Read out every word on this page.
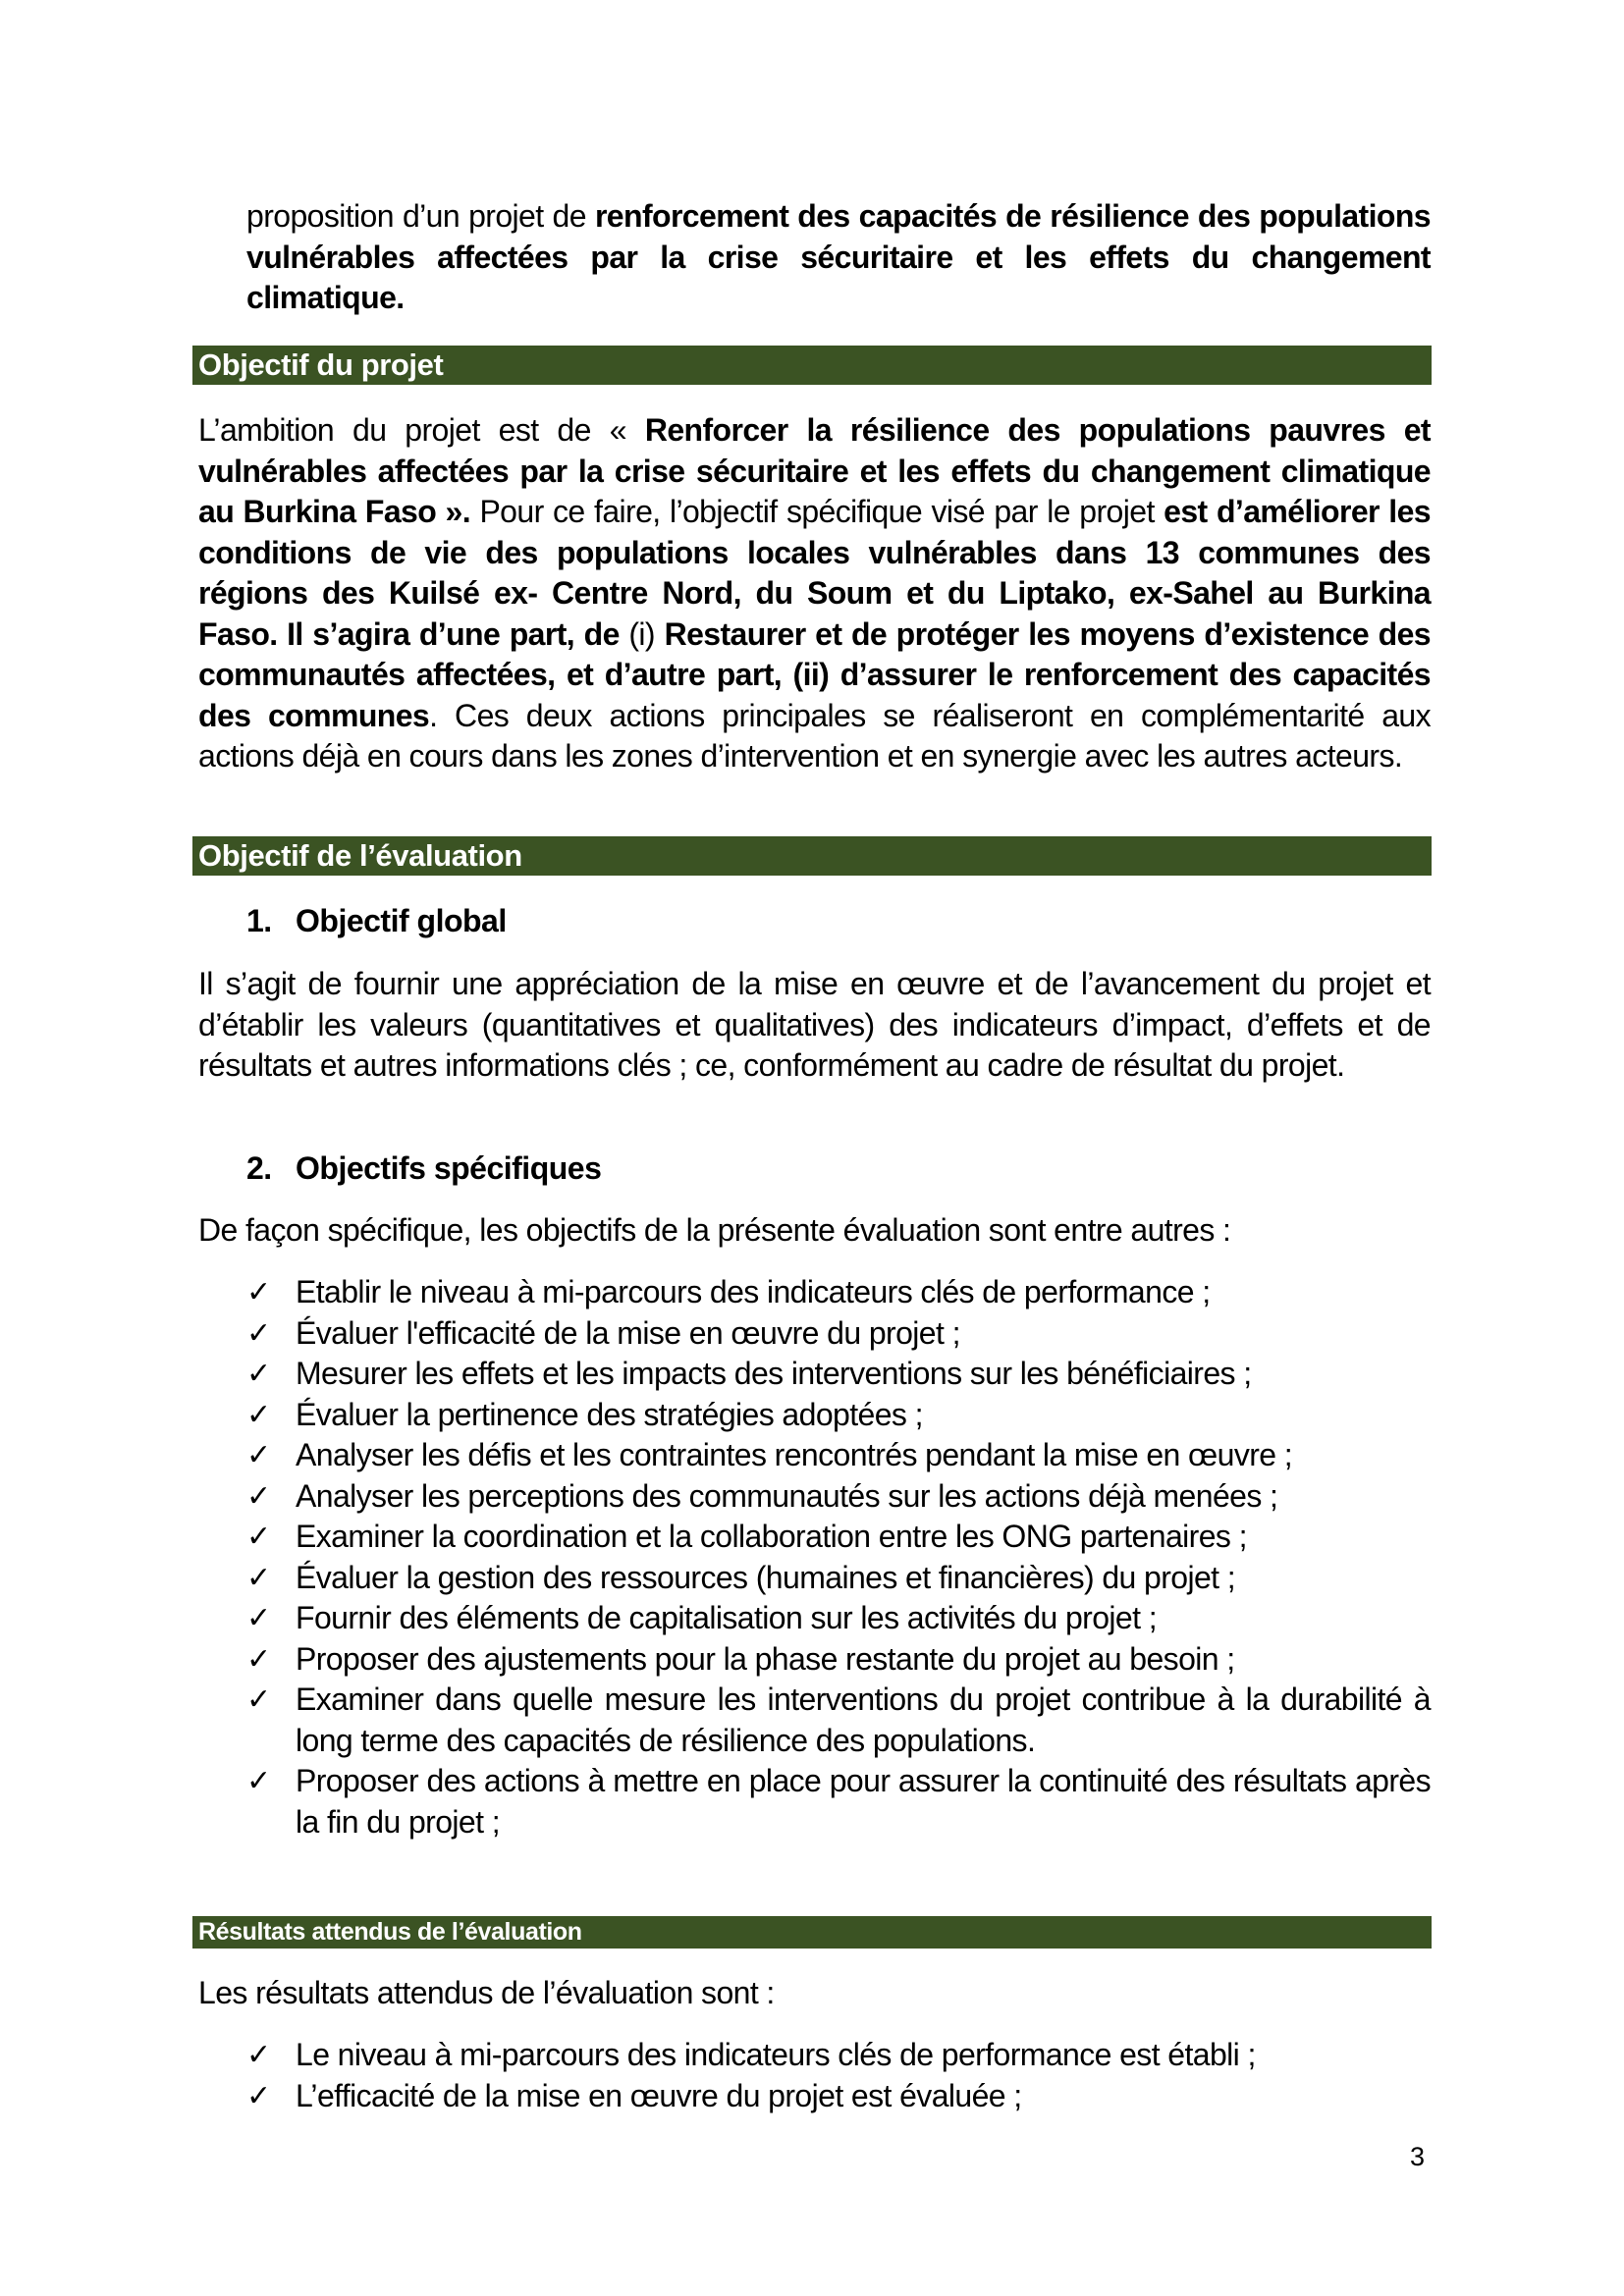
proposition d’un projet de renforcement des capacités de résilience des populations vulnérables affectées par la crise sécuritaire et les effets du changement climatique.
Objectif du projet
L’ambition du projet est de « Renforcer la résilience des populations pauvres et vulnérables affectées par la crise sécuritaire et les effets du changement climatique au Burkina Faso ». Pour ce faire, l’objectif spécifique visé par le projet est d’améliorer les conditions de vie des populations locales vulnérables dans 13 communes des régions des Kuilsé ex- Centre Nord, du Soum et du Liptako, ex-Sahel au Burkina Faso. Il s’agira d’une part, de (i) Restaurer et de protéger les moyens d’existence des communautés affectées, et d’autre part, (ii) d’assurer le renforcement des capacités des communes. Ces deux actions principales se réaliseront en complémentarité aux actions déjà en cours dans les zones d’intervention et en synergie avec les autres acteurs.
Objectif de l’évaluation
1. Objectif global
Il s’agit de fournir une appréciation de la mise en œuvre et de l’avancement du projet et d’établir les valeurs (quantitatives et qualitatives) des indicateurs d’impact, d’effets et de résultats et autres informations clés ; ce, conformément au cadre de résultat du projet.
2. Objectifs spécifiques
De façon spécifique, les objectifs de la présente évaluation sont entre autres :
✓ Etablir le niveau à mi-parcours des indicateurs clés de performance ;
✓ Évaluer l'efficacité de la mise en œuvre du projet ;
✓ Mesurer les effets et les impacts des interventions sur les bénéficiaires ;
✓ Évaluer la pertinence des stratégies adoptées ;
✓ Analyser les défis et les contraintes rencontrés pendant la mise en œuvre ;
✓ Analyser les perceptions des communautés sur les actions déjà menées ;
✓ Examiner la coordination et la collaboration entre les ONG partenaires ;
✓ Évaluer la gestion des ressources (humaines et financières) du projet ;
✓ Fournir des éléments de capitalisation sur les activités du projet ;
✓ Proposer des ajustements pour la phase restante du projet au besoin ;
✓ Examiner dans quelle mesure les interventions du projet contribue à la durabilité à long terme des capacités de résilience des populations.
✓ Proposer des actions à mettre en place pour assurer la continuité des résultats après la fin du projet ;
Résultats attendus de l’évaluation
Les résultats attendus de l’évaluation sont :
✓ Le niveau à mi-parcours des indicateurs clés de performance est établi ;
✓ L’efficacité de la mise en œuvre du projet est évaluée ;
3
